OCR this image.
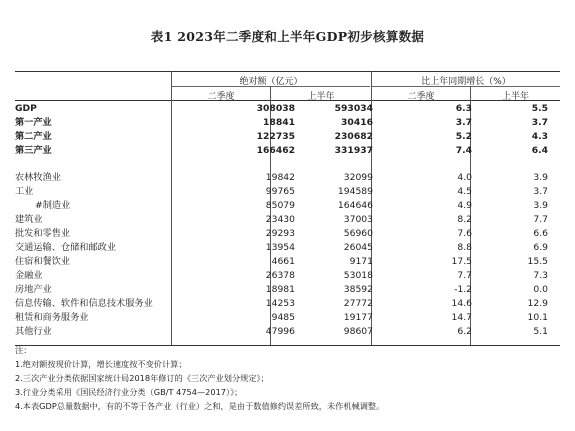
表1 2023年二季度和上半年GDP初步核算数据
绝对额（亿元）	比上年同期增长（%）
二季度	上半年	二季度	上半年
GDP	308038	593034	6.3	5.5
第一产业	18841	30416	3.7	3.7
第二产业	122735	230682	5.2	4.3
第三产业	166462	331937	7.4	6.4
农林牧渔业	19842	32099	4.0	3.9
工业	99765	194589	4.5	3.7
#制造业	85079	164646	4.9	3.9
建筑业	23430	37003	8.2	7.7
批发和零售业	29293	56960	7.6	6.6
交通运输、仓储和邮政业	13954	26045	8.8	6.9
住宿和餐饮业	4661	9171	17.5	15.5
金融业	26378	53018	7.7	7.3
房地产业	18981	38592	-1.2	0.0
信息传输、软件和信息技术服务业	14253	27772	14.6	12.9
租赁和商务服务业	9485	19177	14.7	10.1
其他行业	47996	98607	6.2	5.1
注：
1.绝对额按现价计算，增长速度按不变价计算；
2.三次产业分类依据国家统计局2018年修订的《三次产业划分规定》；
3.行业分类采用《国民经济行业分类（GB/T 4754—2017）》；
4.本表GDP总量数据中，有的不等于各产业（行业）之和，是由于数值修约误差所致，未作机械调整。
